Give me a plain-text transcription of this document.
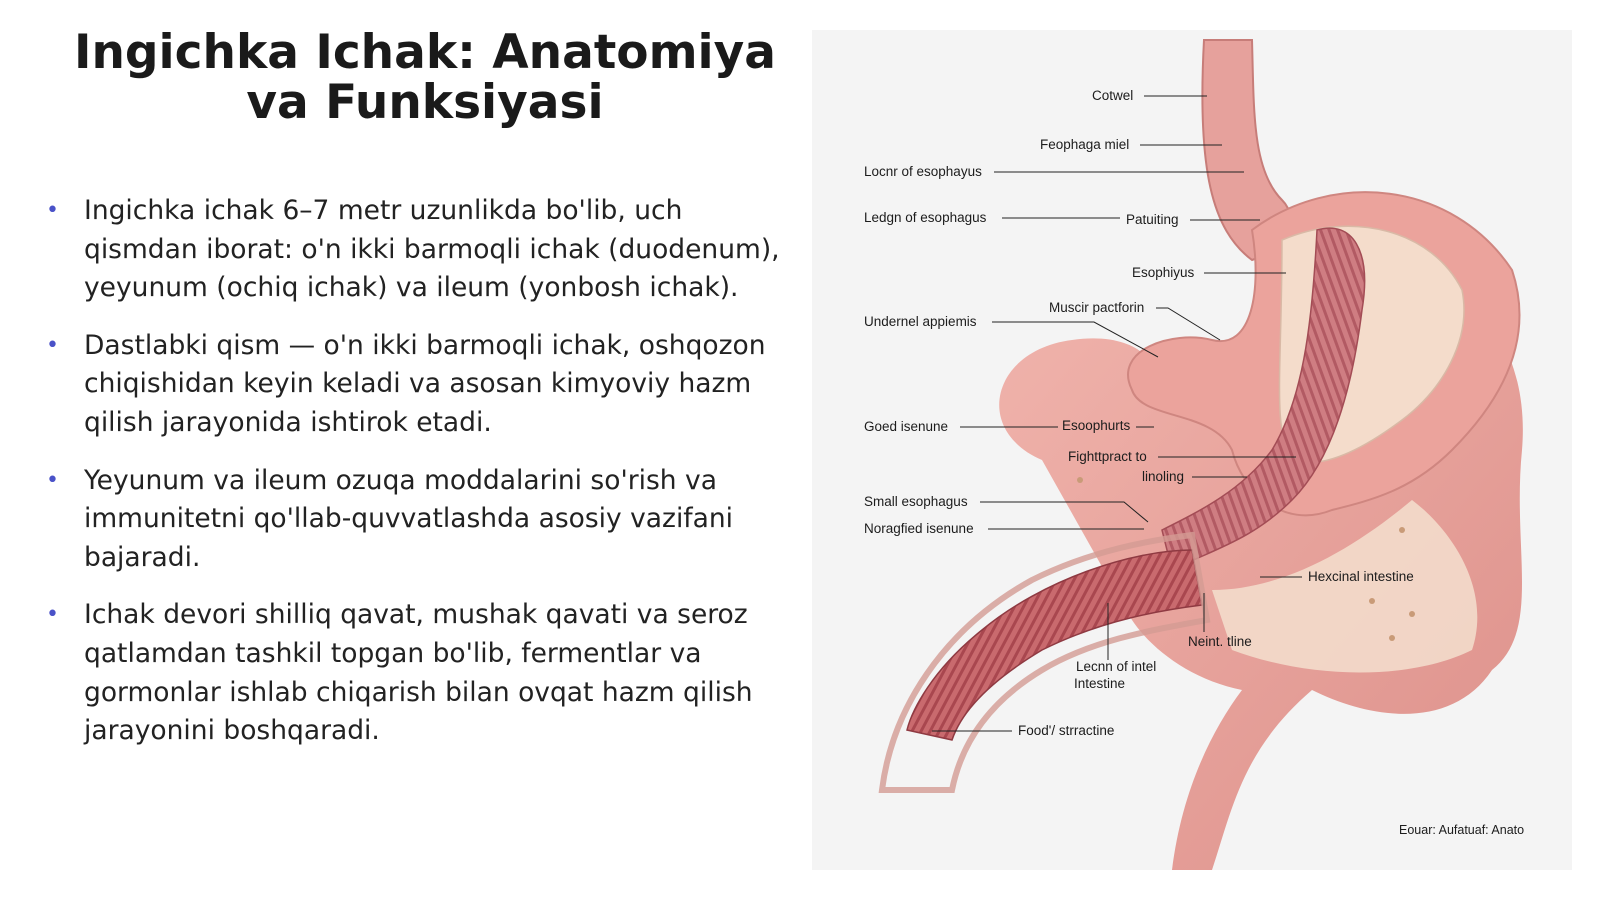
Ingichka Ichak: Anatomiya va Funksiyasi
• Ingichka ichak 6–7 metr uzunlikda bo'lib, uch qismdan iborat: o'n ikki barmoqli ichak (duodenum), yeyunum (ochiq ichak) va ileum (yonbosh ichak).
• Dastlabki qism — o'n ikki barmoqli ichak, oshqozon chiqishidan keyin keladi va asosan kimyoviy hazm qilish jarayonida ishtirok etadi.
• Yeyunum va ileum ozuqa moddalarini so'rish va immunitetni qo'llab-quvvatlashda asosiy vazifani bajaradi.
• Ichak devori shilliq qavat, mushak qavati va seroz qatlamdan tashkil topgan bo'lib, fermentlar va gormonlar ishlab chiqarish bilan ovqat hazm qilish jarayonini boshqaradi.
Cotwel
Feophaga miel
Locnr of esophayus
Ledgn of esophagus	Patuiting
Esophiyus
Muscir pactforin
Undernel appiemis
Goed isenune	Esoophurts
Fighttpract to
linoling
Small esophagus
Noragfied isenune
Hexcinal intestine
Neint. tline
Lecnn of intel
Intestine
Food'/ strractine
Eouar: Aufatuaf: Anato
